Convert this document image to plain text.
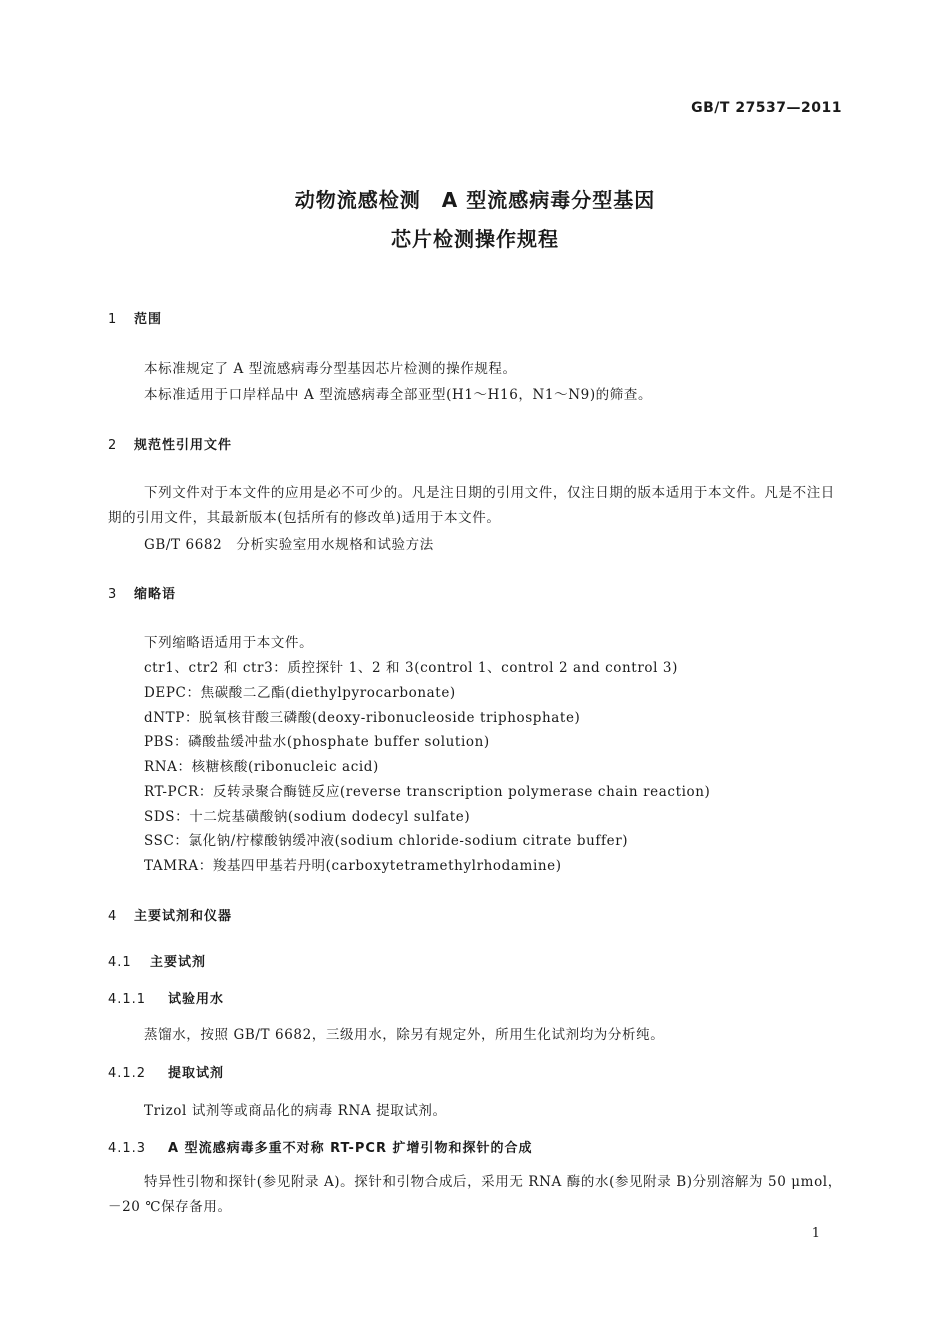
GB/T 27537—2011
动物流感检测　A 型流感病毒分型基因
芯片检测操作规程
1 范围
本标准规定了 A 型流感病毒分型基因芯片检测的操作规程。
本标准适用于口岸样品中 A 型流感病毒全部亚型(H1～H16，N1～N9)的筛查。
2 规范性引用文件
下列文件对于本文件的应用是必不可少的。凡是注日期的引用文件，仅注日期的版本适用于本文件。凡是不注日期的引用文件，其最新版本(包括所有的修改单)适用于本文件。
GB/T 6682　分析实验室用水规格和试验方法
3 缩略语
下列缩略语适用于本文件。
ctr1、ctr2 和 ctr3：质控探针 1、2 和 3(control 1、control 2 and control 3)
DEPC：焦碳酸二乙酯(diethylpyrocarbonate)
dNTP：脱氧核苷酸三磷酸(deoxy-ribonucleoside triphosphate)
PBS：磷酸盐缓冲盐水(phosphate buffer solution)
RNA：核糖核酸(ribonucleic acid)
RT-PCR：反转录聚合酶链反应(reverse transcription polymerase chain reaction)
SDS：十二烷基磺酸钠(sodium dodecyl sulfate)
SSC：氯化钠/柠檬酸钠缓冲液(sodium chloride-sodium citrate buffer)
TAMRA：羧基四甲基若丹明(carboxytetramethylrhodamine)
4 主要试剂和仪器
4.1 主要试剂
4.1.1 试验用水
蒸馏水，按照 GB/T 6682，三级用水，除另有规定外，所用生化试剂均为分析纯。
4.1.2 提取试剂
Trizol 试剂等或商品化的病毒 RNA 提取试剂。
4.1.3 A 型流感病毒多重不对称 RT-PCR 扩增引物和探针的合成
特异性引物和探针(参见附录 A)。探针和引物合成后，采用无 RNA 酶的水(参见附录 B)分别溶解为 50 μmol，－20 ℃保存备用。
1
